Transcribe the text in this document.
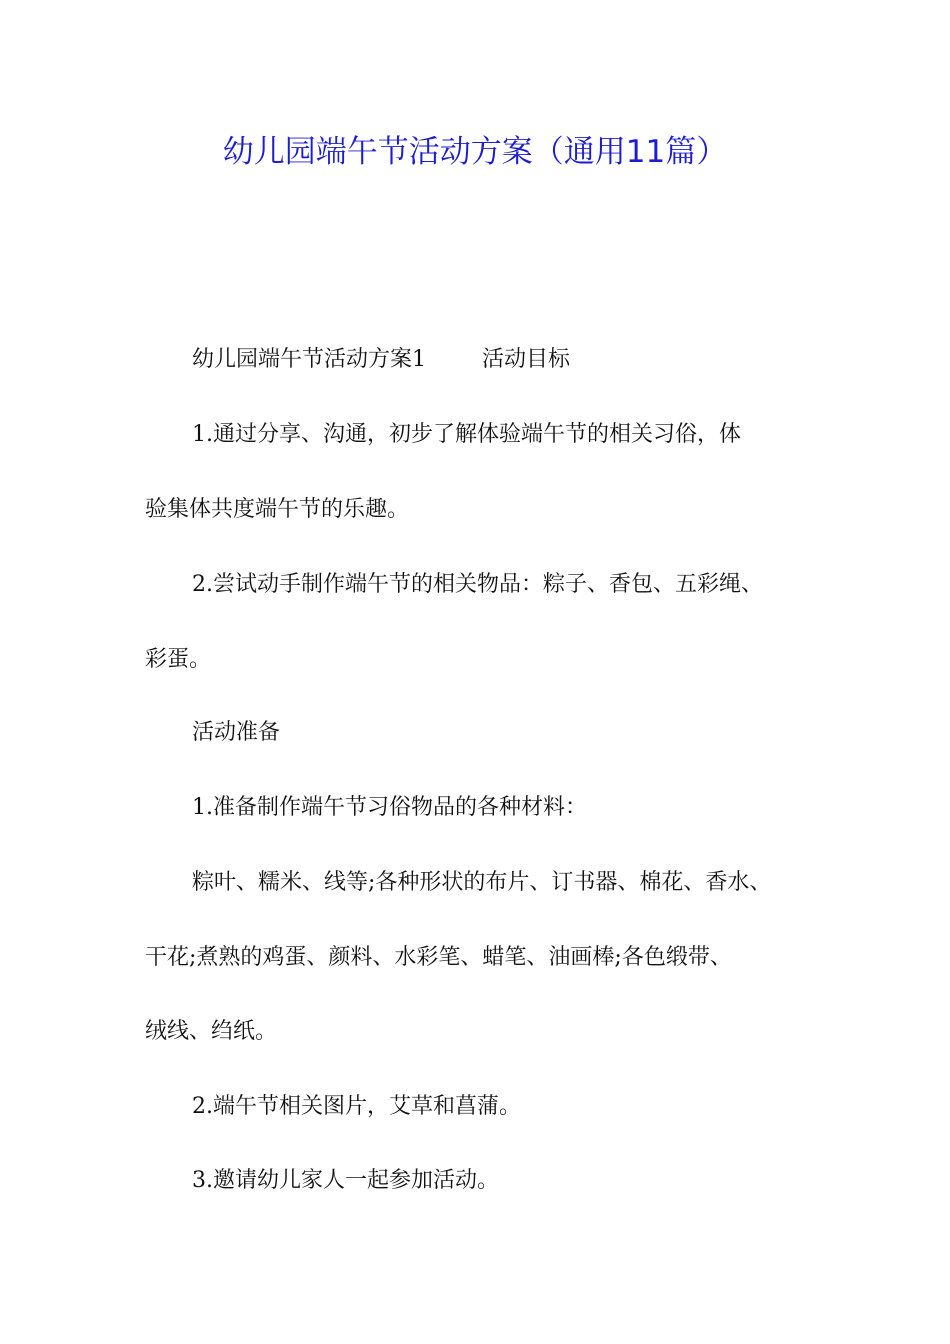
幼儿园端午节活动方案（通用11篇）

幼儿园端午节活动方案1	活动目标

1.通过分享、沟通，初步了解体验端午节的相关习俗，体

验集体共度端午节的乐趣。

2.尝试动手制作端午节的相关物品：粽子、香包、五彩绳、

彩蛋。

活动准备

1.准备制作端午节习俗物品的各种材料：

粽叶、糯米、线等;各种形状的布片、订书器、棉花、香水、

干花;煮熟的鸡蛋、颜料、水彩笔、蜡笔、油画棒;各色缎带、

绒线、绉纸。

2.端午节相关图片，艾草和菖蒲。

3.邀请幼儿家人一起参加活动。
